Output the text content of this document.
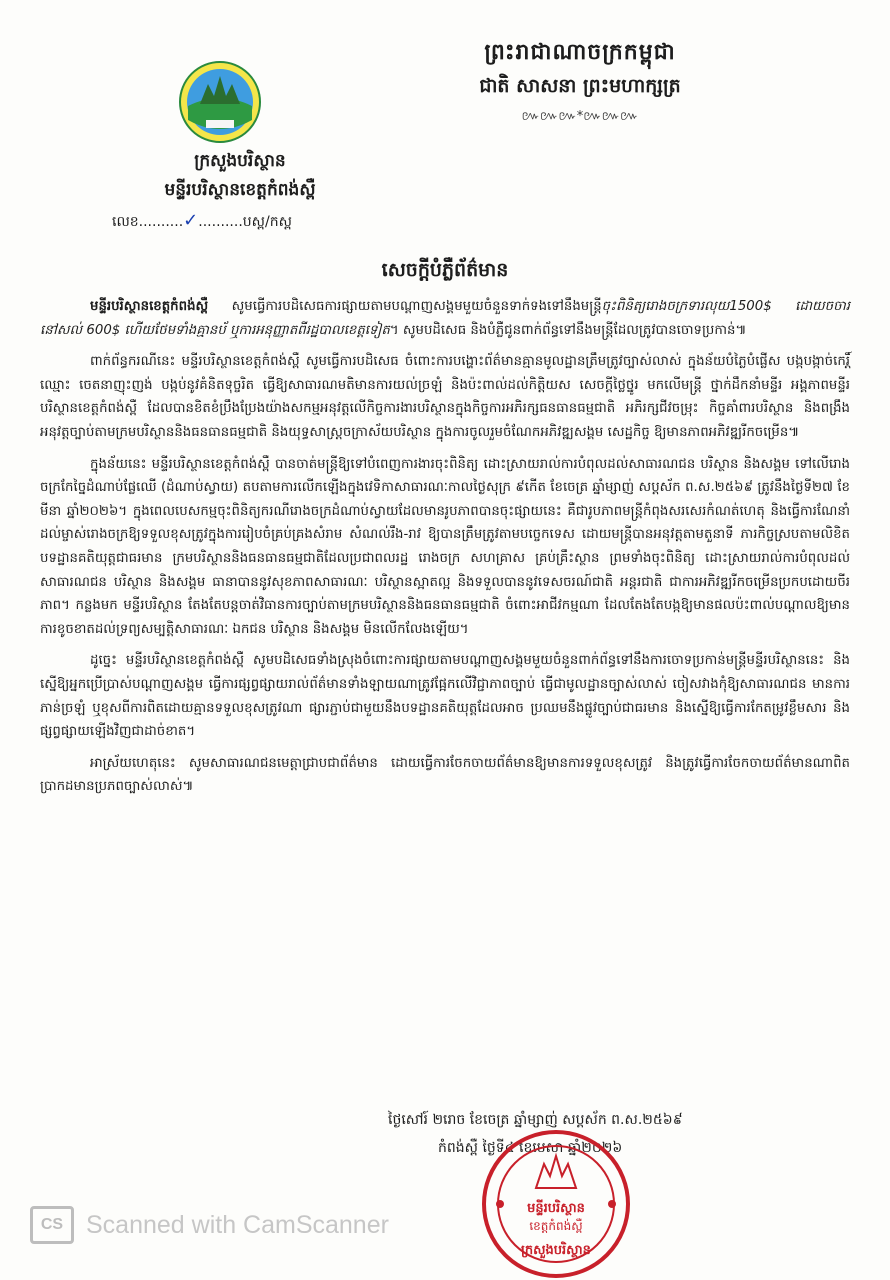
ព្រះរាជាណាចក្រកម្ពុជា
ជាតិ សាសនា ព្រះមហាក្សត្រ
៚៚៚*៚៚៚
ក្រសួងបរិស្ថាន
មន្ទីរបរិស្ថានខេត្តកំពង់ស្ពឺ
លេខ..........✓..........បស្ព/កស្ព
សេចក្តីបំភ្លឺព័ត៌មាន

មន្ទីរបរិស្ថានខេត្តកំពង់ស្ពឺ សូមធ្វើការបដិសេធការផ្សាយតាមបណ្តាញសង្គមមួយចំនួនទាក់ទងទៅនឹងមន្ត្រីចុះពិនិត្យរោងចក្រទារលុយ1500$ ដោយចចារនៅសល់ 600$ ហើយថែមទាំងគ្មានប័ ឬការអនុញ្ញាតពីរដ្ឋបាលខេត្តទៀត។ សូមបដិសេធ និងបំភ្លឺជូនពាក់ព័ន្ធទៅនឹងមន្ត្រីដែលត្រូវបានចោទប្រកាន់៕

ពាក់ព័ន្ធករណីនេះ មន្ទីរបរិស្ថានខេត្តកំពង់ស្ពឺ សូមធ្វើការបដិសេធ ចំពោះការបង្ហោះព័ត៌មានគ្មានមូលដ្ឋានត្រឹមត្រូវច្បាស់លាស់ ក្នុងន័យបំភ្លៃបំផ្លើស បង្កបង្កាច់កេរ្តិ៍ឈ្មោះ ចេតនាញុះញង់ បង្កប់នូវគំនិតទុច្ចរិត ធ្វើឱ្យសាធារណមតិមានការយល់ច្រឡំ និងប៉ះពាល់ដល់កិត្តិយស សេចក្តីថ្លៃថ្នូរ មកលើមន្ត្រី ថ្នាក់ដឹកនាំមន្ទីរ អង្គភាពមន្ទីរបរិស្ថានខេត្តកំពង់ស្ពឺ ដែលបានខិតខំប្រឹងប្រែងយ៉ាងសកម្មអនុវត្តលើកិច្ចការងារបរិស្ថានក្នុងកិច្ចការអភិរក្សធនធានធម្មជាតិ អភិរក្សជីវចម្រុះ កិច្ចគាំពារបរិស្ថាន និងពង្រឹងអនុវត្តច្បាប់តាមក្រមបរិស្ថាននិងធនធានធម្មជាតិ និងយុទ្ធសាស្ត្រចក្រាស័យបរិស្ថាន ក្នុងការចូលរួមចំណែកអភិវឌ្ឍសង្គម សេដ្ឋកិច្ច ឱ្យមានភាពអភិវឌ្ឍរីកចម្រើន៕

ក្នុងន័យនេះ មន្ទីរបរិស្ថានខេត្តកំពង់ស្ពឺ បានចាត់មន្ត្រីឱ្យទៅបំពេញការងារចុះពិនិត្យ ដោះស្រាយរាល់ការបំពុលដល់សាធារណជន បរិស្ថាន និងសង្គម ទៅលើរោងចក្រកែច្នៃដំណាប់ផ្លែឈើ (ដំណាប់ស្វាយ) តបតាមការលើកឡើងក្នុងវេទិកាសាធារណៈកាលថ្ងៃសុក្រ ៩កើត ខែចេត្រ ឆ្នាំម្សាញ់ សប្តស័ក ព.ស.២៥៦៩ ត្រូវនឹងថ្ងៃទី២៧ ខែមីនា ឆ្នាំ២០២៦។ ក្នុងពេលបេសកម្មចុះពិនិត្យករណីរោងចក្រដំណាប់ស្វាយដែលមានរូបភាពបានចុះផ្សាយនេះ គឺជារូបភាពមន្ត្រីកំពុងសរសេរកំណត់ហេតុ និងធ្វើការណែនាំ ដល់ម្ចាស់រោងចក្រឱ្យទទួលខុសត្រូវក្នុងការរៀបចំគ្រប់គ្រងសំរាម សំណល់រឹង-រាវ ឱ្យបានត្រឹមត្រូវតាមបច្ចេកទេស ដោយមន្ត្រីបានអនុវត្តតាមតួនាទី ភារកិច្ចស្របតាមលិខិតបទដ្ឋានគតិយុត្តជាធរមាន ក្រមបរិស្ថាននិងធនធានធម្មជាតិដែលប្រជាពលរដ្ឋ រោងចក្រ សហគ្រាស គ្រប់គ្រឹះស្ថាន ព្រមទាំងចុះពិនិត្យ ដោះស្រាយរាល់ការបំពុលដល់សាធារណជន បរិស្ថាន និងសង្គម ធានាបាននូវសុខភាពសាធារណៈ បរិស្ថានស្អាតល្អ និងទទួលបាននូវទេសចរណ៍ជាតិ អន្តរជាតិ ជាការអភិវឌ្ឍរីកចម្រើនប្រកបដោយចីរភាព។ កន្លងមក មន្ទីរបរិស្ថាន តែងតែបន្តចាត់វិធានការច្បាប់តាមក្រមបរិស្ថាននិងធនធានធម្មជាតិ ចំពោះអាជីវកម្មណា ដែលតែងតែបង្កឱ្យមានផលប៉ះពាល់បណ្តាលឱ្យមានការខូចខាតដល់ទ្រព្យសម្បត្តិសាធារណៈ ឯកជន បរិស្ថាន និងសង្គម មិនលើកលែងឡើយ។

ដូច្នេះ មន្ទីរបរិស្ថានខេត្តកំពង់ស្ពឺ សូមបដិសេធទាំងស្រុងចំពោះការផ្សាយតាមបណ្តាញសង្គមមួយចំនួនពាក់ព័ន្ធទៅនឹងការចោទប្រកាន់មន្ត្រីមន្ទីរបរិស្ថាននេះ និងស្នើឱ្យអ្នកប្រើប្រាស់បណ្តាញសង្គម ធ្វើការផ្សព្វផ្សាយរាល់ព័ត៌មានទាំងឡាយណាត្រូវផ្អែកលើវិជ្ជាភាពច្បាប់ ធ្វើជាមូលដ្ឋានច្បាស់លាស់ ចៀសវាងកុំឱ្យសាធារណជន មានការភាន់ច្រឡំ ឬខុសពីការពិតដោយគ្មានទទួលខុសត្រូវណា ផ្សារភ្ជាប់ជាមួយនឹងបទដ្ឋានគតិយុត្តដែលអាច ប្រឈមនឹងផ្លូវច្បាប់ជាធរមាន និងស្នើឱ្យធ្វើការកែតម្រូវខ្លឹមសារ និងផ្សព្វផ្សាយឡើងវិញជាដាច់ខាត។

អាស្រ័យហេតុនេះ សូមសាធារណជនមេត្តាជ្រាបជាព័ត៌មាន ដោយធ្វើការចែកចាយព័ត៌មានឱ្យមានការទទួលខុសត្រូវ និងត្រូវធ្វើការចែកចាយព័ត៌មានណាពិតប្រាកដមានប្រភពច្បាស់លាស់៕

ថ្ងៃសៅរ៍ ២រោច ខែចេត្រ ឆ្នាំម្សាញ់ សប្តស័ក ព.ស.២៥៦៩
កំពង់ស្ពឺ ថ្ងៃទី៤ ខែមេសា ឆ្នាំ២០២៦
មន្ទីរបរិស្ថាន
ខេត្តកំពង់ស្ពឺ
ក្រសួងបរិស្ថាន
CS Scanned with CamScanner
